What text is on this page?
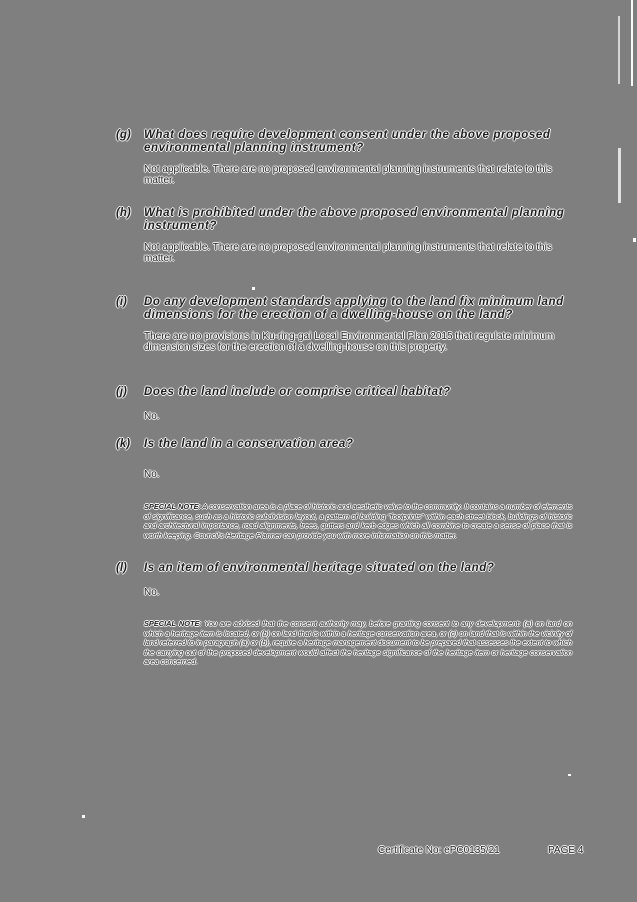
(g) What does require development consent under the above proposed environmental planning instrument?
Not applicable. There are no proposed environmental planning instruments that relate to this matter.
(h) What is prohibited under the above proposed environmental planning instrument?
Not applicable. There are no proposed environmental planning instruments that relate to this matter.
(i) Do any development standards applying to the land fix minimum land dimensions for the erection of a dwelling-house on the land?
There are no provisions in Ku-ring-gai Local Environmental Plan 2015 that regulate minimum dimension sizes for the erection of a dwelling-house on this property.
(j) Does the land include or comprise critical habitat?
No.
(k) Is the land in a conservation area?
No.
SPECIAL NOTE: A conservation area is a place of historic and aesthetic value to the community. It contains a number of elements of significance, such as a historic subdivision layout, a pattern of building "footprints" within each street block, buildings of historic and architectural importance, road alignments, trees, gutters and kerb edges which all combine to create a sense of place that is worth keeping. Council's Heritage Planner can provide you with more information on this matter.
(l) Is an item of environmental heritage situated on the land?
No.
SPECIAL NOTE: You are advised that the consent authority may, before granting consent to any development: (a) on land on which a heritage item is located, or (b) on land that is within a heritage conservation area, or (c) on land that is within the vicinity of land referred to in paragraph (a) or (b), require a heritage management document to be prepared that assesses the extent to which the carrying out of the proposed development would affect the heritage significance of the heritage item or heritage conservation area concerned.
Certificate No: ePC0135/21	PAGE 4
